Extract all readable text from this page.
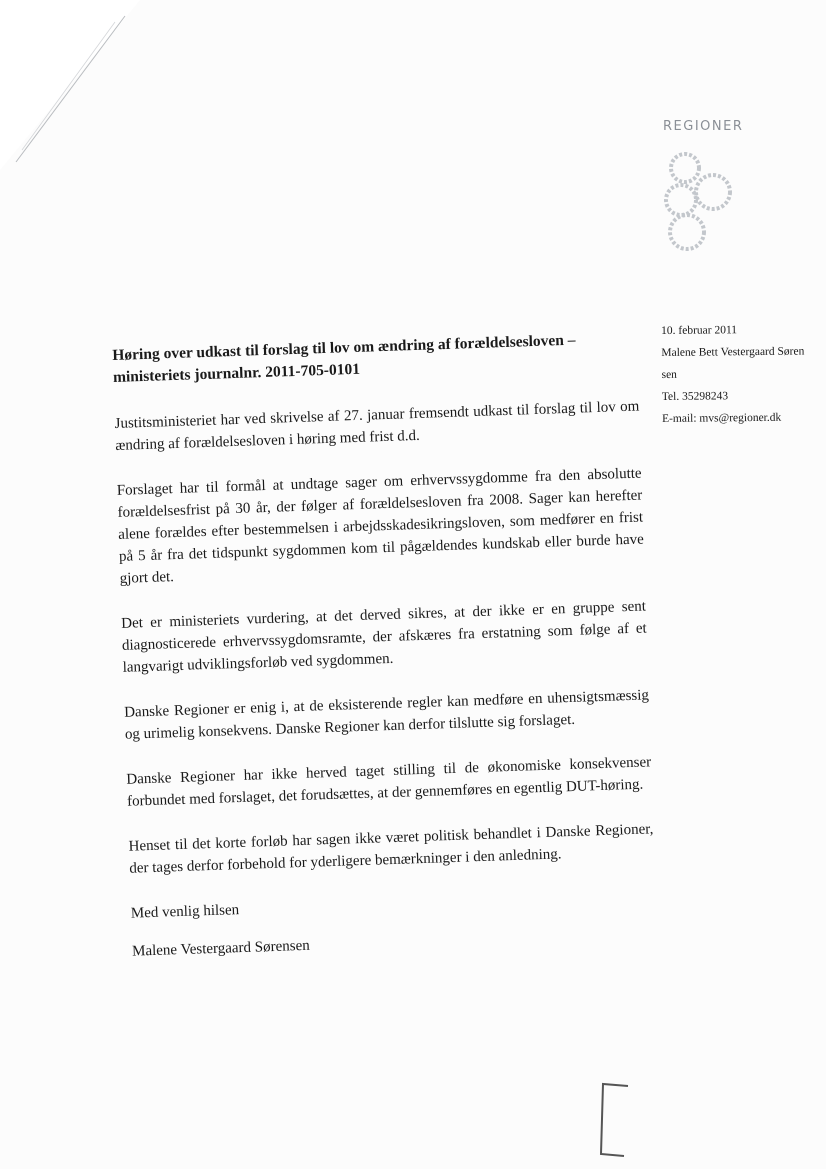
REGIONER
10. februar 2011
Malene Bett Vestergaard Søren
sen
Tel. 35298243
E-mail: mvs@regioner.dk
Høring over udkast til forslag til lov om ændring af forældelsesloven – ministeriets journalnr. 2011-705-0101

Justitsministeriet har ved skrivelse af 27. januar fremsendt udkast til forslag til lov om ændring af forældelsesloven i høring med frist d.d.

Forslaget har til formål at undtage sager om erhvervssygdomme fra den absolutte forældelsesfrist på 30 år, der følger af forældelsesloven fra 2008. Sager kan herefter alene forældes efter bestemmelsen i arbejdsskadesikringsloven, som medfører en frist på 5 år fra det tidspunkt sygdommen kom til pågældendes kundskab eller burde have gjort det.

Det er ministeriets vurdering, at det derved sikres, at der ikke er en gruppe sent diagnosticerede erhvervssygdomsramte, der afskæres fra erstatning som følge af et langvarigt udviklingsforløb ved sygdommen.

Danske Regioner er enig i, at de eksisterende regler kan medføre en uhensigtsmæssig og urimelig konsekvens. Danske Regioner kan derfor tilslutte sig forslaget.

Danske Regioner har ikke herved taget stilling til de økonomiske konsekvenser forbundet med forslaget, det forudsættes, at der gennemføres en egentlig DUT-høring.

Henset til det korte forløb har sagen ikke været politisk behandlet i Danske Regioner, der tages derfor forbehold for yderligere bemærkninger i den anledning.

Med venlig hilsen

Malene Vestergaard Sørensen
